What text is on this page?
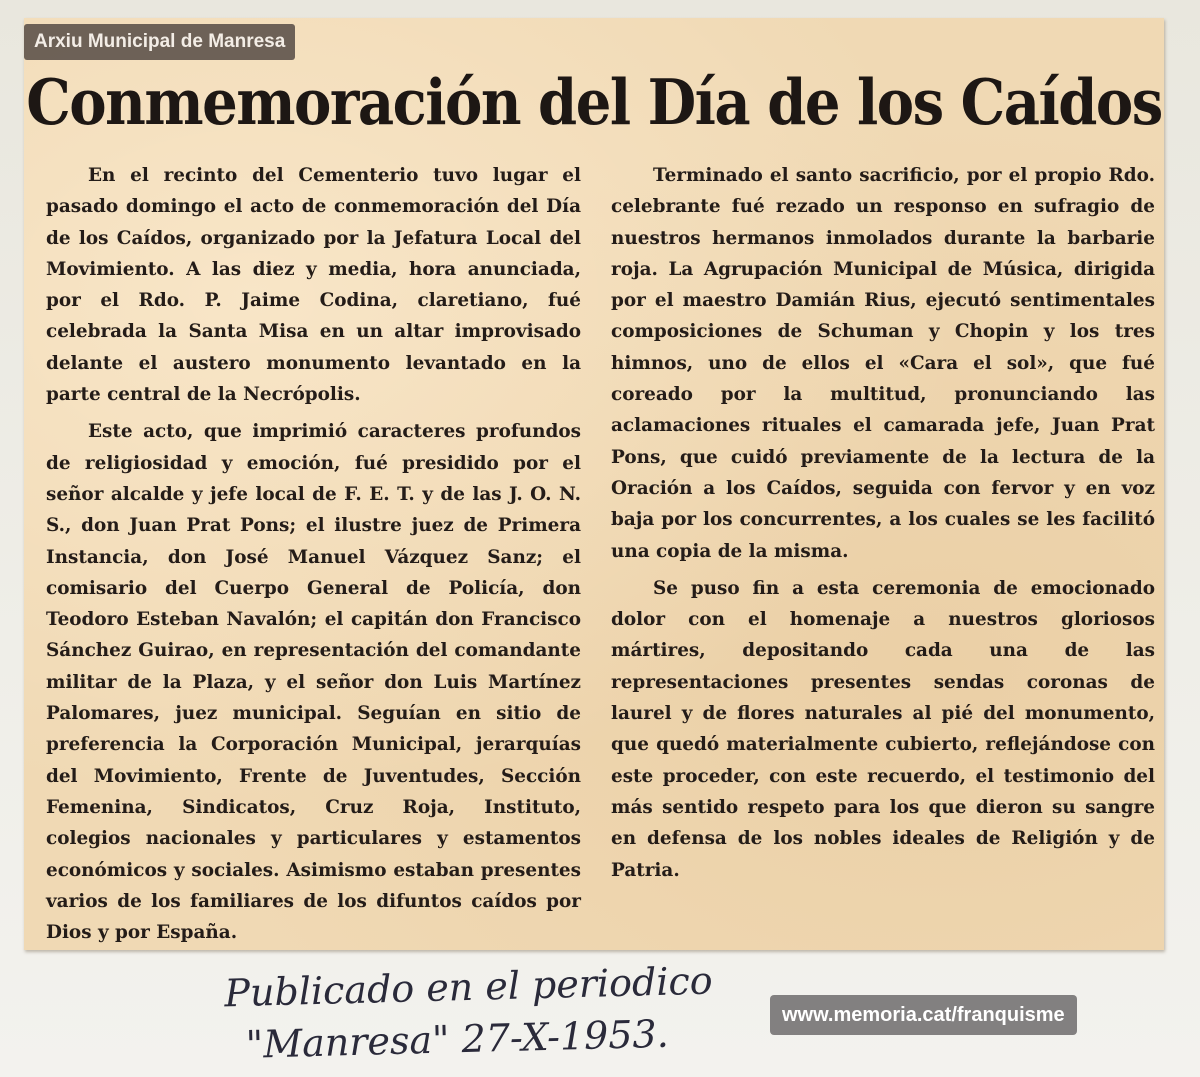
Conmemoración del Día de los Caídos

En el recinto del Cementerio tuvo lugar el pasado domingo el acto de conmemoración del Día de los Caídos, organizado por la Jefatura Local del Movimiento. A las diez y media, hora anunciada, por el Rdo. P. Jaime Codina, claretiano, fué celebrada la Santa Misa en un altar improvisado delante el austero monumento levantado en la parte central de la Necrópolis.

Este acto, que imprimió caracteres profundos de religiosidad y emoción, fué presidido por el señor alcalde y jefe local de F. E. T. y de las J. O. N. S., don Juan Prat Pons; el ilustre juez de Primera Instancia, don José Manuel Vázquez Sanz; el comisario del Cuerpo General de Policía, don Teodoro Esteban Navalón; el capitán don Francisco Sánchez Guirao, en representación del comandante militar de la Plaza, y el señor don Luis Martínez Palomares, juez municipal. Seguían en sitio de preferencia la Corporación Municipal, jerarquías del Movimiento, Frente de Juventudes, Sección Femenina, Sindicatos, Cruz Roja, Instituto, colegios nacionales y particulares y estamentos económicos y sociales. Asimismo estaban presentes varios de los familiares de los difuntos caídos por Dios y por España.

Terminado el santo sacrificio, por el propio Rdo. celebrante fué rezado un responso en sufragio de nuestros hermanos inmolados durante la barbarie roja. La Agrupación Municipal de Música, dirigida por el maestro Damián Rius, ejecutó sentimentales composiciones de Schuman y Chopin y los tres himnos, uno de ellos el «Cara el sol», que fué coreado por la multitud, pronunciando las aclamaciones rituales el camarada jefe, Juan Prat Pons, que cuidó previamente de la lectura de la Oración a los Caídos, seguida con fervor y en voz baja por los concurrentes, a los cuales se les facilitó una copia de la misma.

Se puso fin a esta ceremonia de emocionado dolor con el homenaje a nuestros gloriosos mártires, depositando cada una de las representaciones presentes sendas coronas de laurel y de flores naturales al pié del monumento, que quedó materialmente cubierto, reflejándose con este proceder, con este recuerdo, el testimonio del más sentido respeto para los que dieron su sangre en defensa de los nobles ideales de Religión y de Patria.

Arxiu Municipal de Manresa
Publicado en el periodico
"Manresa" 27-X-1953.	www.memoria.cat/franquisme
